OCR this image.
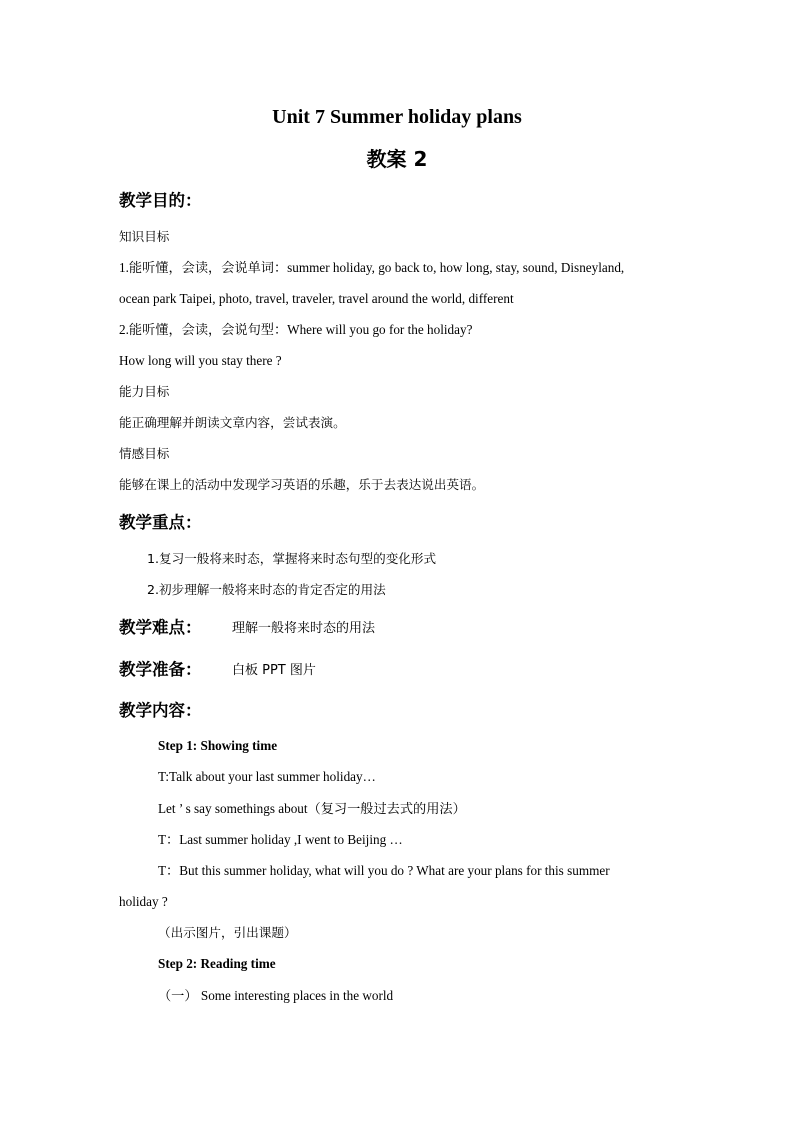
Unit 7 Summer holiday plans
教案 2
教学目的：
知识目标
1.能听懂，会读，会说单词：summer holiday, go back to, how long, stay, sound, Disneyland,
ocean park Taipei, photo, travel, traveler, travel around the world, different
2.能听懂，会读，会说句型：Where will you go for the holiday?
How long will you stay there ?
能力目标
能正确理解并朗读文章内容，尝试表演。
情感目标
能够在课上的活动中发现学习英语的乐趣，乐于去表达说出英语。
教学重点：
1.复习一般将来时态，掌握将来时态句型的变化形式
2.初步理解一般将来时态的肯定否定的用法
教学难点： 理解一般将来时态的用法
教学准备： 白板 PPT 图片
教学内容：
Step 1: Showing time
T:Talk about your last summer holiday…
Let ’ s say somethings about（复习一般过去式的用法）
T：Last summer holiday ,I went to Beijing …
T：But this summer holiday, what will you do ? What are your plans for this summer
holiday ?
（出示图片，引出课题）
Step 2: Reading time
（一） Some interesting places in the world
